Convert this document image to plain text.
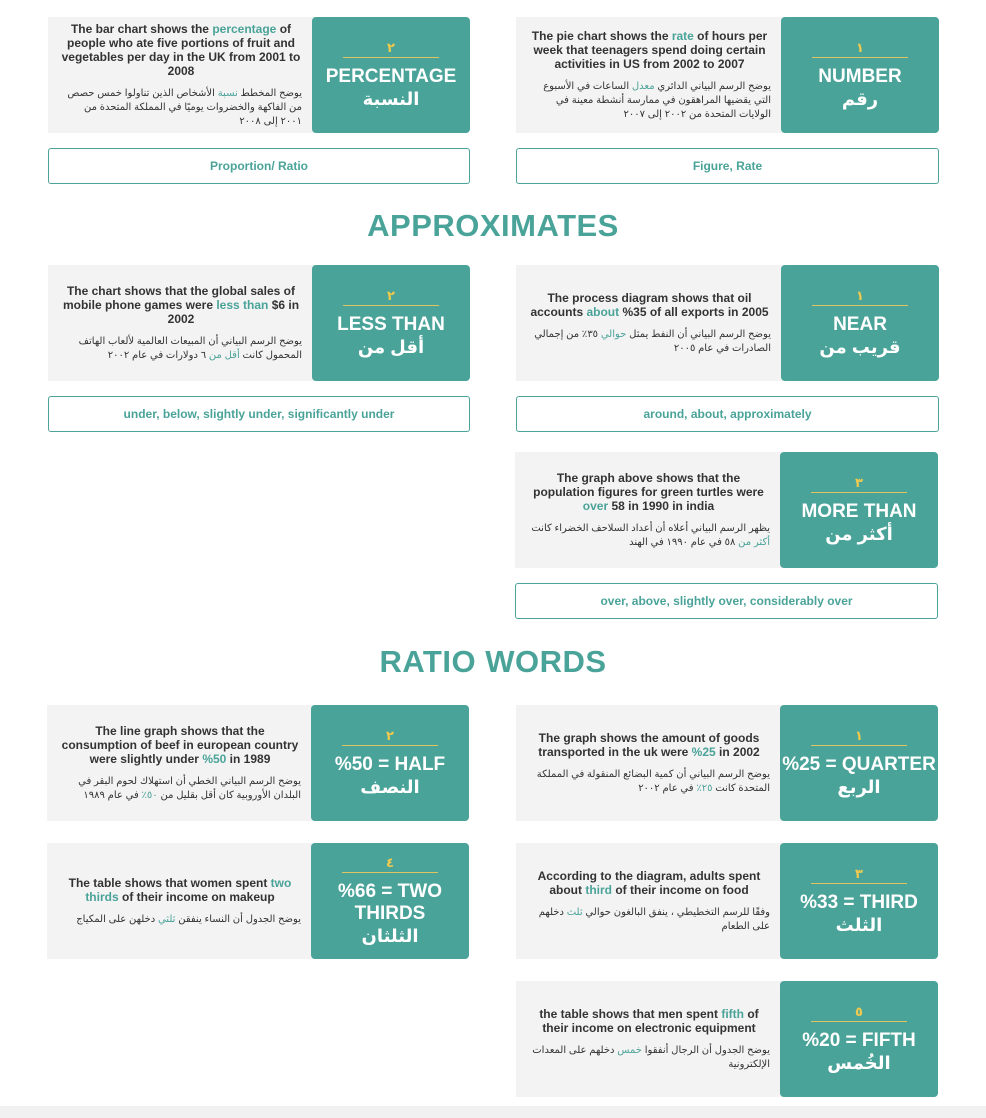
The bar chart shows the percentage of people who ate five portions of fruit and vegetables per day in the UK from 2001 to 2008
يوضح المخطط نسبة الأشخاص الذين تناولوا خمس حصص من الفاكهة والخضروات يوميًا في المملكة المتحدة من ٢٠٠١ إلى ٢٠٠٨
٢
PERCENTAGE
النسبة
The pie chart shows the rate of hours per week that teenagers spend doing certain activities in US from 2002 to 2007
يوضح الرسم البياني الدائري معدل الساعات في الأسبوع التي يقضيها المراهقون في ممارسة أنشطة معينة في الولايات المتحدة من ٢٠٠٢ إلى ٢٠٠٧
١
NUMBER
رقم
Proportion/ Ratio	Figure, Rate
APPROXIMATES
The chart shows that the global sales of mobile phone games were less than $6 in 2002
يوضح الرسم البياني أن المبيعات العالمية لألعاب الهاتف المحمول كانت أقل من ٦ دولارات في عام ٢٠٠٢
٢
LESS THAN
أقل من
The process diagram shows that oil accounts about %35 of all exports in 2005
يوضح الرسم البياني أن النفط يمثل حوالي ٣٥٪ من إجمالي الصادرات في عام ٢٠٠٥
١
NEAR
قريب من
under, below, slightly under, significantly under	around, about, approximately
The graph above shows that the population figures for green turtles were over 58 in 1990 in india
يظهر الرسم البياني أعلاه أن أعداد السلاحف الخضراء كانت أكثر من ٥٨ في عام ١٩٩٠ في الهند
٣
MORE THAN
أكثر من
over, above, slightly over, considerably over
RATIO WORDS
The line graph shows that the consumption of beef in european country were slightly under %50 in 1989
يوضح الرسم البياني الخطي أن استهلاك لحوم البقر في البلدان الأوروبية كان أقل بقليل من ٥٠٪ في عام ١٩٨٩
٢
%50 = HALF
النصف
The graph shows the amount of goods transported in the uk were %25 in 2002
يوضح الرسم البياني أن كمية البضائع المنقولة في المملكة المتحدة كانت ٢٥٪ في عام ٢٠٠٢
١
%25 = QUARTER
الربع
The table shows that women spent two thirds of their income on makeup
يوضح الجدول أن النساء ينفقن ثلثي دخلهن على المكياج
٤
%66 = TWO THIRDS
الثلثان
According to the diagram, adults spent about third of their income on food
وفقًا للرسم التخطيطي ، ينفق البالغون حوالي ثلث دخلهم على الطعام
٣
%33 = THIRD
الثلث
the table shows that men spent fifth of their income on electronic equipment
يوضح الجدول أن الرجال أنفقوا خمس دخلهم على المعدات الإلكترونية
٥
%20 = FIFTH
الخُمس
